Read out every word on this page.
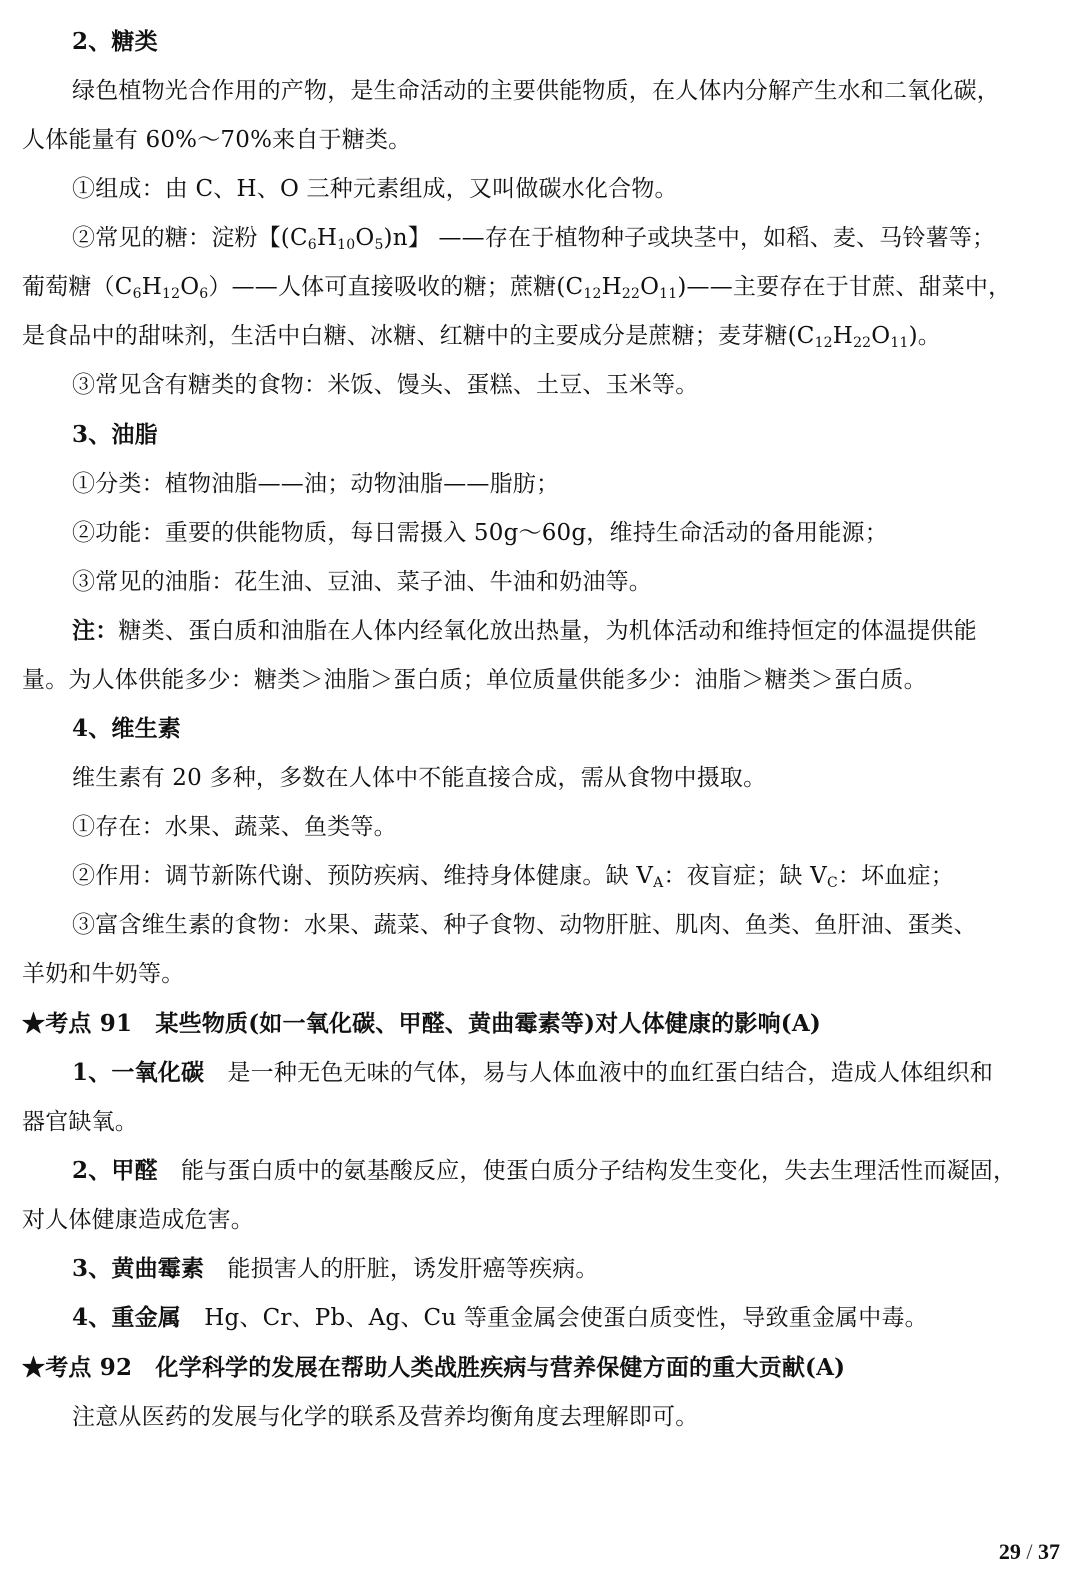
2、糖类
绿色植物光合作用的产物，是生命活动的主要供能物质，在人体内分解产生水和二氧化碳，
人体能量有 60%～70%来自于糖类。
①组成：由 C、H、O 三种元素组成，又叫做碳水化合物。
②常见的糖：淀粉【$(C_6H_{10}O_5)n$】 ——存在于植物种子或块茎中，如稻、麦、马铃薯等；
葡萄糖$(C_6H_{12}O_6)——$人体可直接吸收的糖；蔗糖$(C_{12}H_{22}O_{11})——$主要存在于甘蔗、甜菜中，
是食品中的甜味剂，生活中白糖、冰糖、红糖中的主要成分是蔗糖；麦芽糖$(C_{12}H_{22}O_{11})$。
③常见含有糖类的食物：米饭、馒头、蛋糕、土豆、玉米等。
3、油脂
①分类：植物油脂——油；动物油脂——脂肪；
②功能：重要的供能物质，每日需摄入 50g～60g，维持生命活动的备用能源；
③常见的油脂：花生油、豆油、菜子油、牛油和奶油等。
注：糖类、蛋白质和油脂在人体内经氧化放出热量，为机体活动和维持恒定的体温提供能
量。为人体供能多少：糖类＞油脂＞蛋白质；单位质量供能多少：油脂＞糖类＞蛋白质。
4、维生素
维生素有 20 多种，多数在人体中不能直接合成，需从食物中摄取。
①存在：水果、蔬菜、鱼类等。
②作用：调节新陈代谢、预防疾病、维持身体健康。缺 $V_A$：夜盲症；缺 $V_C$：坏血症；
③富含维生素的食物：水果、蔬菜、种子食物、动物肝脏、肌肉、鱼类、鱼肝油、蛋类、
羊奶和牛奶等。
★考点 91　某些物质(如一氧化碳、甲醛、黄曲霉素等)对人体健康的影响(A)
1、一氧化碳　是一种无色无味的气体，易与人体血液中的血红蛋白结合，造成人体组织和
器官缺氧。
2、甲醛　能与蛋白质中的氨基酸反应，使蛋白质分子结构发生变化，失去生理活性而凝固，
对人体健康造成危害。
3、黄曲霉素　能损害人的肝脏，诱发肝癌等疾病。
4、重金属　Hg、Cr、Pb、Ag、Cu 等重金属会使蛋白质变性，导致重金属中毒。
★考点 92　化学科学的发展在帮助人类战胜疾病与营养保健方面的重大贡献(A)
注意从医药的发展与化学的联系及营养均衡角度去理解即可。
29 / 37
